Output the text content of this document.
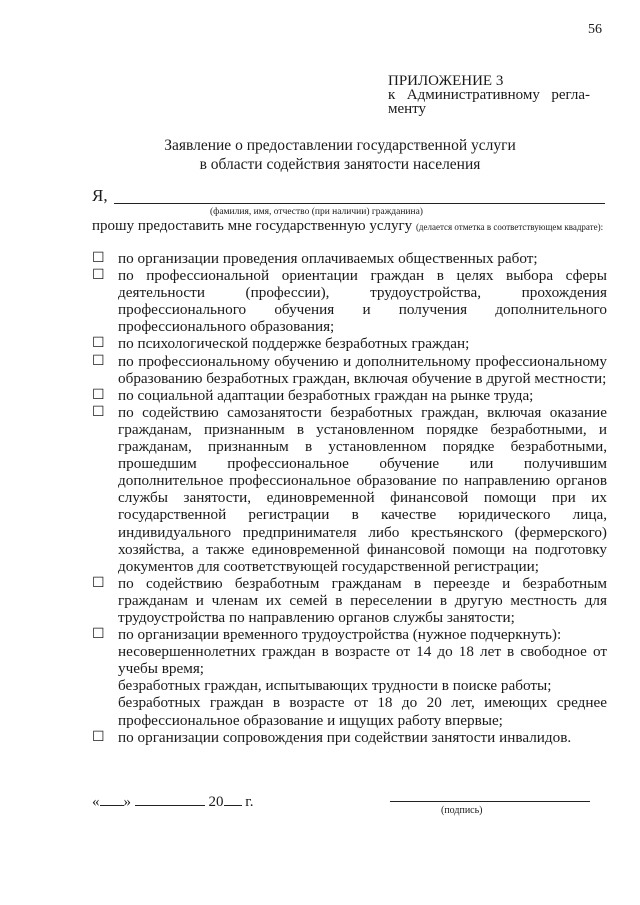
56
ПРИЛОЖЕНИЕ 3
к Административному регла-
менту
Заявление о предоставлении государственной услуги
в области содействия занятости населения
Я,
(фамилия, имя, отчество (при наличии) гражданина)
прошу предоставить мне государственную услугу (делается отметка в соответствующем квадрате):
☐ по организации проведения оплачиваемых общественных работ;
☐ по профессиональной ориентации граждан в целях выбора сферы деятельности (профессии), трудоустройства, прохождения профессионального обучения и получения дополнительного профессионального образования;
☐ по психологической поддержке безработных граждан;
☐ по профессиональному обучению и дополнительному профессиональному образованию безработных граждан, включая обучение в другой местности;
☐ по социальной адаптации безработных граждан на рынке труда;
☐ по содействию самозанятости безработных граждан, включая оказание гражданам, признанным в установленном порядке безработными, и гражданам, признанным в установленном порядке безработными, прошедшим профессиональное обучение или получившим дополнительное профессиональное образование по направлению органов службы занятости, единовременной финансовой помощи при их государственной регистрации в качестве юридического лица, индивидуального предпринимателя либо крестьянского (фермерского) хозяйства, а также единовременной финансовой помощи на подготовку документов для соответствующей государственной регистрации;
☐ по содействию безработным гражданам в переезде и безработным гражданам и членам их семей в переселении в другую местность для трудоустройства по направлению органов службы занятости;
☐ по организации временного трудоустройства (нужное подчеркнуть):
несовершеннолетних граждан в возрасте от 14 до 18 лет в свободное от учебы время;
безработных граждан, испытывающих трудности в поиске работы;
безработных граждан в возрасте от 18 до 20 лет, имеющих среднее профессиональное образование и ищущих работу впервые;
☐ по организации сопровождения при содействии занятости инвалидов.
« »	20 г.
(подпись)
